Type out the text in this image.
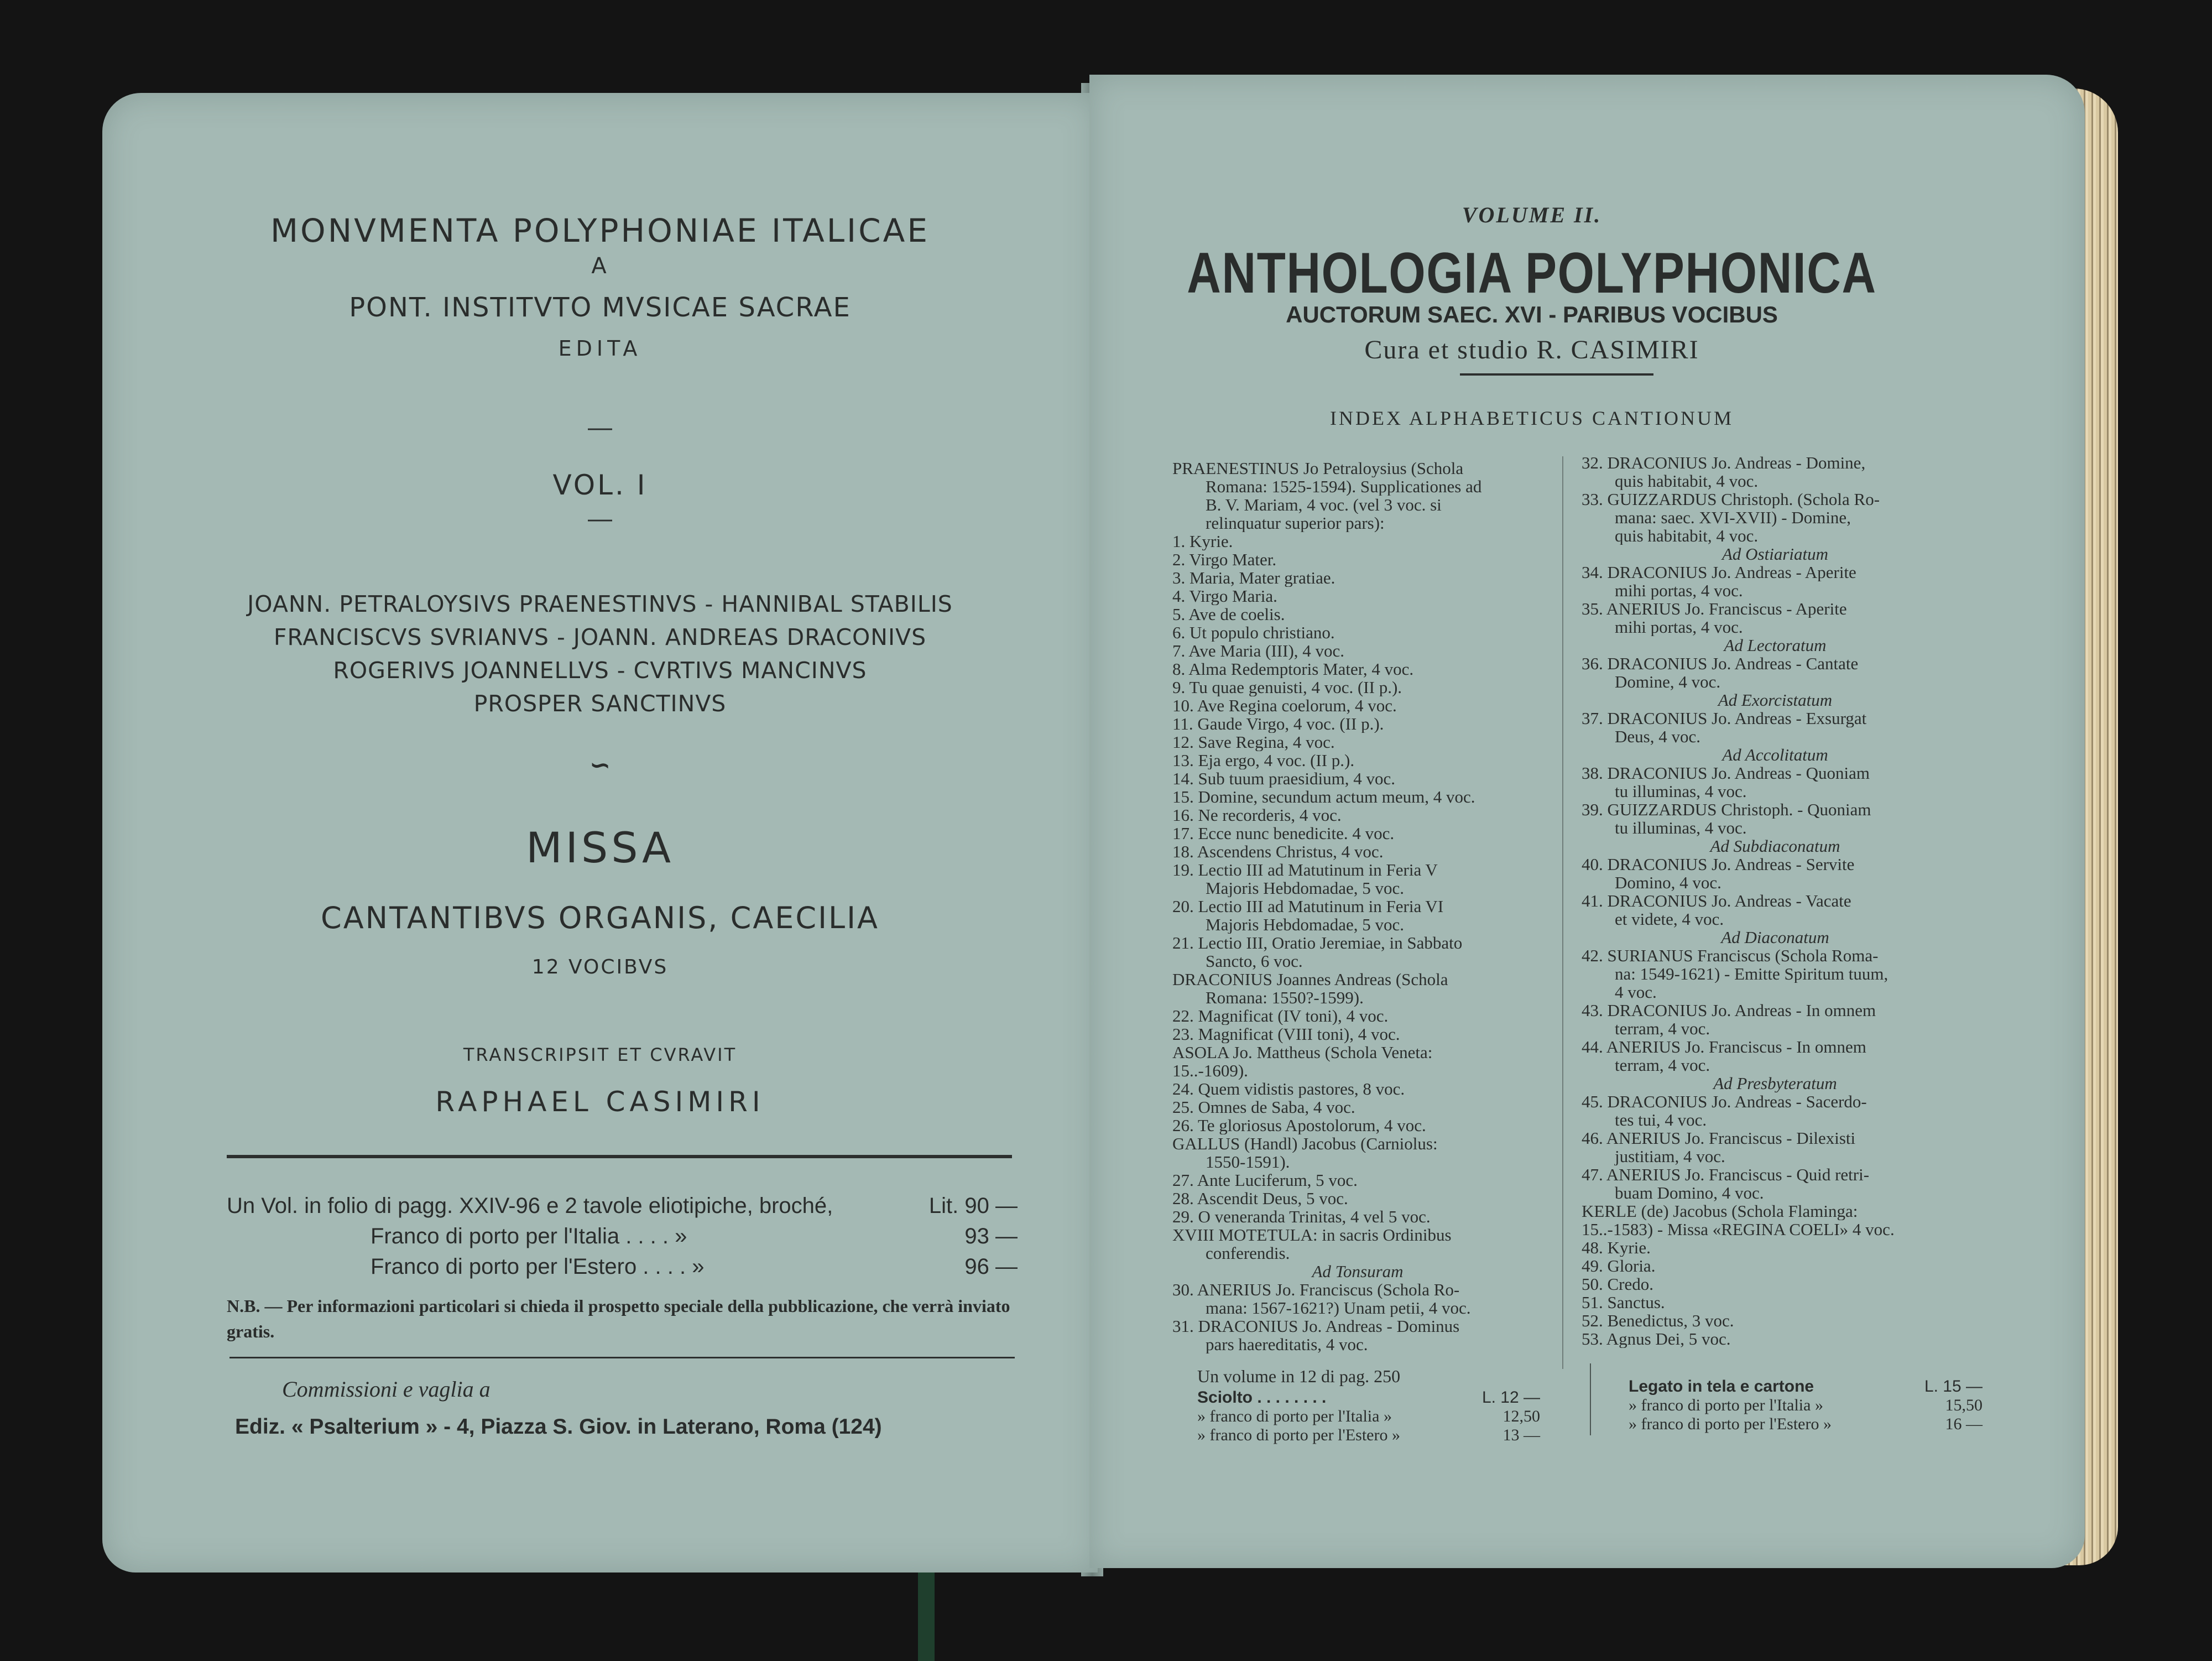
MONVMENTA POLYPHONIAE ITALICAE
A
PONT. INSTITVTO MVSICAE SACRAE
EDITA
—
VOL. I
—
JOANN. PETRALOYSIVS PRAENESTINVS - HANNIBAL STABILIS
FRANCISCVS SVRIANVS - JOANN. ANDREAS DRACONIVS
ROGERIVS JOANNELLVS - CVRTIVS MANCINVS
PROSPER SANCTINVS
∽
MISSA
CANTANTIBVS ORGANIS, CAECILIA
12 VOCIBVS
TRANSCRIPSIT ET CVRAVIT
RAPHAEL CASIMIRI
Un Vol. in folio di pagg. XXIV-96 e 2 tavole eliotipiche, broché,	Lit. 90 —
Franco di porto per l'Italia . . . . »	93 —
Franco di porto per l'Estero . . . . »	96 —
N.B. — Per informazioni particolari si chieda il prospetto speciale della pubblicazione, che verrà inviato gratis.
Commissioni e vaglia a
Ediz. « Psalterium » - 4, Piazza S. Giov. in Laterano, Roma (124)
VOLUME II.
ANTHOLOGIA POLYPHONICA
AUCTORUM SAEC. XVI - PARIBUS VOCIBUS
Cura et studio R. CASIMIRI
INDEX ALPHABETICUS CANTIONUM
PRAENESTINUS Jo Petraloysius (Schola
Romana: 1525-1594). Supplicationes ad
B. V. Mariam, 4 voc. (vel 3 voc. si
relinquatur superior pars):
1. Kyrie.
2. Virgo Mater.
3. Maria, Mater gratiae.
4. Virgo Maria.
5. Ave de coelis.
6. Ut populo christiano.
7. Ave Maria (III), 4 voc.
8. Alma Redemptoris Mater, 4 voc.
9. Tu quae genuisti, 4 voc. (II p.).
10. Ave Regina coelorum, 4 voc.
11. Gaude Virgo, 4 voc. (II p.).
12. Save Regina, 4 voc.
13. Eja ergo, 4 voc. (II p.).
14. Sub tuum praesidium, 4 voc.
15. Domine, secundum actum meum, 4 voc.
16. Ne recorderis, 4 voc.
17. Ecce nunc benedicite. 4 voc.
18. Ascendens Christus, 4 voc.
19. Lectio III ad Matutinum in Feria V
Majoris Hebdomadae, 5 voc.
20. Lectio III ad Matutinum in Feria VI
Majoris Hebdomadae, 5 voc.
21. Lectio III, Oratio Jeremiae, in Sabbato
Sancto, 6 voc.
DRACONIUS Joannes Andreas (Schola
Romana: 1550?-1599).
22. Magnificat (IV toni), 4 voc.
23. Magnificat (VIII toni), 4 voc.
ASOLA Jo. Mattheus (Schola Veneta:
15..-1609).
24. Quem vidistis pastores, 8 voc.
25. Omnes de Saba, 4 voc.
26. Te gloriosus Apostolorum, 4 voc.
GALLUS (Handl) Jacobus (Carniolus:
1550-1591).
27. Ante Luciferum, 5 voc.
28. Ascendit Deus, 5 voc.
29. O veneranda Trinitas, 4 vel 5 voc.
XVIII MOTETULA: in sacris Ordinibus
conferendis.
Ad Tonsuram
30. ANERIUS Jo. Franciscus (Schola Ro-
mana: 1567-1621?) Unam petii, 4 voc.
31. DRACONIUS Jo. Andreas - Dominus
pars haereditatis, 4 voc.
32. DRACONIUS Jo. Andreas - Domine,
quis habitabit, 4 voc.
33. GUIZZARDUS Christoph. (Schola Ro-
mana: saec. XVI-XVII) - Domine,
quis habitabit, 4 voc.
Ad Ostiariatum
34. DRACONIUS Jo. Andreas - Aperite
mihi portas, 4 voc.
35. ANERIUS Jo. Franciscus - Aperite
mihi portas, 4 voc.
Ad Lectoratum
36. DRACONIUS Jo. Andreas - Cantate
Domine, 4 voc.
Ad Exorcistatum
37. DRACONIUS Jo. Andreas - Exsurgat
Deus, 4 voc.
Ad Accolitatum
38. DRACONIUS Jo. Andreas - Quoniam
tu illuminas, 4 voc.
39. GUIZZARDUS Christoph. - Quoniam
tu illuminas, 4 voc.
Ad Subdiaconatum
40. DRACONIUS Jo. Andreas - Servite
Domino, 4 voc.
41. DRACONIUS Jo. Andreas - Vacate
et videte, 4 voc.
Ad Diaconatum
42. SURIANUS Franciscus (Schola Roma-
na: 1549-1621) - Emitte Spiritum tuum,
4 voc.
43. DRACONIUS Jo. Andreas - In omnem
terram, 4 voc.
44. ANERIUS Jo. Franciscus - In omnem
terram, 4 voc.
Ad Presbyteratum
45. DRACONIUS Jo. Andreas - Sacerdo-
tes tui, 4 voc.
46. ANERIUS Jo. Franciscus - Dilexisti
justitiam, 4 voc.
47. ANERIUS Jo. Franciscus - Quid retri-
buam Domino, 4 voc.
KERLE (de) Jacobus (Schola Flaminga:
15..-1583) - Missa «REGINA COELI» 4 voc.
48. Kyrie.
49. Gloria.
50. Credo.
51. Sanctus.
52. Benedictus, 3 voc.
53. Agnus Dei, 5 voc.
Un volume in 12 di pag. 250
Sciolto . . . . . . . .	L. 12 —
» franco di porto per l'Italia »	12,50
» franco di porto per l'Estero »	13 —
Legato in tela e cartone	L. 15 —
» franco di porto per l'Italia »	15,50
» franco di porto per l'Estero »	16 —
